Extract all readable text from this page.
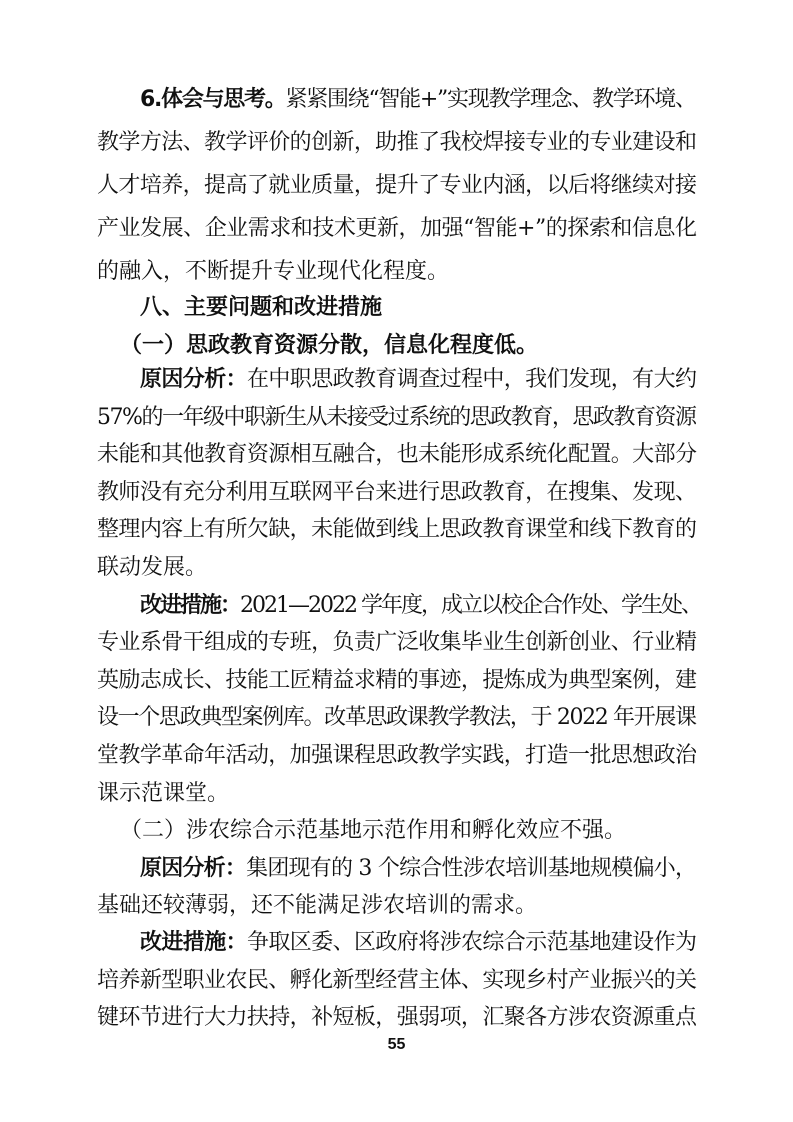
6.体会与思考。紧紧围绕“智能+”实现教学理念、教学环境、
教学方法、教学评价的创新，助推了我校焊接专业的专业建设和
人才培养，提高了就业质量，提升了专业内涵，以后将继续对接
产业发展、企业需求和技术更新，加强“智能+”的探索和信息化
的融入，不断提升专业现代化程度。
八、主要问题和改进措施
（一）思政教育资源分散，信息化程度低。
原因分析：在中职思政教育调查过程中，我们发现，有大约
57%的一年级中职新生从未接受过系统的思政教育，思政教育资源
未能和其他教育资源相互融合，也未能形成系统化配置。大部分
教师没有充分利用互联网平台来进行思政教育，在搜集、发现、
整理内容上有所欠缺，未能做到线上思政教育课堂和线下教育的
联动发展。
改进措施：2021—2022 学年度，成立以校企合作处、学生处、
专业系骨干组成的专班，负责广泛收集毕业生创新创业、行业精
英励志成长、技能工匠精益求精的事迹，提炼成为典型案例，建
设一个思政典型案例库。改革思政课教学教法，于 2022 年开展课
堂教学革命年活动，加强课程思政教学实践，打造一批思想政治
课示范课堂。
（二）涉农综合示范基地示范作用和孵化效应不强。
原因分析：集团现有的 3 个综合性涉农培训基地规模偏小，
基础还较薄弱，还不能满足涉农培训的需求。
改进措施：争取区委、区政府将涉农综合示范基地建设作为
培养新型职业农民、孵化新型经营主体、实现乡村产业振兴的关
键环节进行大力扶持，补短板，强弱项，汇聚各方涉农资源重点
55
